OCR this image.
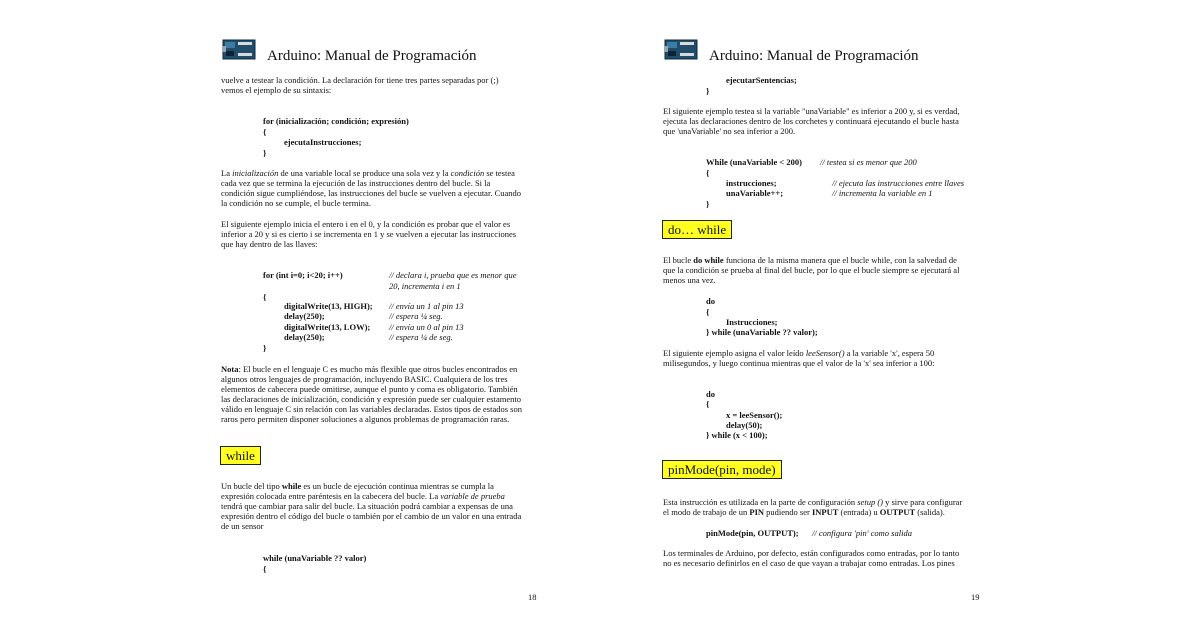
Arduino: Manual de Programación
vuelve a testear la condición. La declaración for tiene tres partes separadas por (;)
vemos el ejemplo de su sintaxis:
for (inicialización; condición; expresión)
{
ejecutaInstrucciones;
}
La inicialización de una variable local se produce una sola vez y la condición se testea
cada vez que se termina la ejecución de las instrucciones dentro del bucle. Si la
condición sigue cumpliéndose, las instrucciones del bucle se vuelven a ejecutar. Cuando
la condición no se cumple, el bucle termina.
El siguiente ejemplo inicia el entero i en el 0, y la condición es probar que el valor es
inferior a 20 y si es cierto i se incrementa en 1 y se vuelven a ejecutar las instrucciones
que hay dentro de las llaves:
for (int i=0; i<20; i++)	// declara i, prueba que es menor que
20, incrementa i en 1
{
digitalWrite(13, HIGH); // envía un 1 al pin 13
delay(250);	// espera ¼ seg.
digitalWrite(13, LOW); // envía un 0 al pin 13
delay(250);	// espera ¼ de seg.
}
Nota: El bucle en el lenguaje C es mucho más flexible que otros bucles encontrados en
algunos otros lenguajes de programación, incluyendo BASIC. Cualquiera de los tres
elementos de cabecera puede omitirse, aunque el punto y coma es obligatorio. También
las declaraciones de inicialización, condición y expresión puede ser cualquier estamento
válido en lenguaje C sin relación con las variables declaradas. Estos tipos de estados son
raros pero permiten disponer soluciones a algunos problemas de programación raras.
while
Un bucle del tipo while es un bucle de ejecución continua mientras se cumpla la
expresión colocada entre paréntesis en la cabecera del bucle. La variable de prueba
tendrá que cambiar para salir del bucle. La situación podrá cambiar a expensas de una
expresión dentro el código del bucle o también por el cambio de un valor en una entrada
de un sensor
while (unaVariable ?? valor)
{
18
Arduino: Manual de Programación
ejecutarSentencias;
}
El siguiente ejemplo testea si la variable "unaVariable" es inferior a 200 y, si es verdad,
ejecuta las declaraciones dentro de los corchetes y continuará ejecutando el bucle hasta
que 'unaVariable' no sea inferior a 200.
While (unaVariable < 200) // testea si es menor que 200
{
instrucciones;	// ejecuta las instrucciones entre llaves
unaVariable++;	// incrementa la variable en 1
}
do… while
El bucle do while funciona de la misma manera que el bucle while, con la salvedad de
que la condición se prueba al final del bucle, por lo que el bucle siempre se ejecutará al
menos una vez.
do
{
Instrucciones;
} while (unaVariable ?? valor);
El siguiente ejemplo asigna el valor leído leeSensor() a la variable 'x', espera 50
milisegundos, y luego continua mientras que el valor de la 'x' sea inferior a 100:
do
{
x = leeSensor();
delay(50);
} while (x < 100);
pinMode(pin, mode)
Esta instrucción es utilizada en la parte de configuración setup () y sirve para configurar
el modo de trabajo de un PIN pudiendo ser INPUT (entrada) u OUTPUT (salida).
pinMode(pin, OUTPUT); // configura 'pin' como salida
Los terminales de Arduino, por defecto, están configurados como entradas, por lo tanto
no es necesario definirlos en el caso de que vayan a trabajar como entradas. Los pines
19
